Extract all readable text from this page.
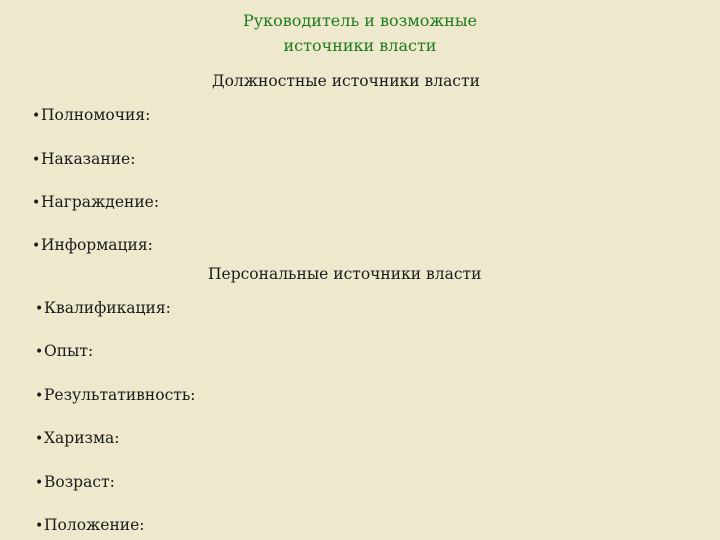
Руководитель и возможные
источники власти
Должностные источники власти
•Полномочия:
•Наказание:
•Награждение:
•Информация:
Персональные источники власти
•Квалификация:
•Опыт:
•Результативность:
•Харизма:
•Возраст:
•Положение:
